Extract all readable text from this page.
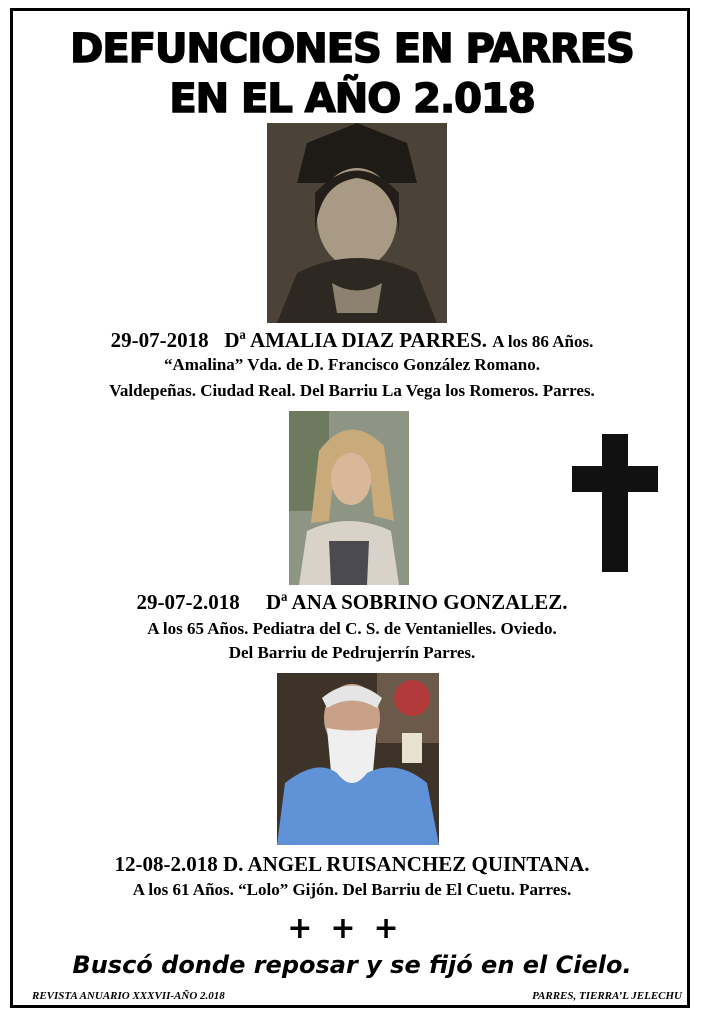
DEFUNCIONES EN PARRES
EN EL AÑO 2.018
29-07-2018 Dª AMALIA DIAZ PARRES. A los 86 Años.
“Amalina” Vda. de D. Francisco González Romano.
Valdepeñas. Ciudad Real. Del Barriu La Vega los Romeros. Parres.
29-07-2.018 Dª ANA SOBRINO GONZALEZ.
A los 65 Años. Pediatra del C. S. de Ventanielles. Oviedo.
Del Barriu de Pedrujerrín Parres.
12-08-2.018 D. ANGEL RUISANCHEZ QUINTANA.
A los 61 Años. “Lolo” Gijón. Del Barriu de El Cuetu. Parres.
+++
Buscó donde reposar y se fijó en el Cielo.
REVISTA ANUARIO XXXVII-AÑO 2.018	PARRES, TIERRA’L JELECHU
